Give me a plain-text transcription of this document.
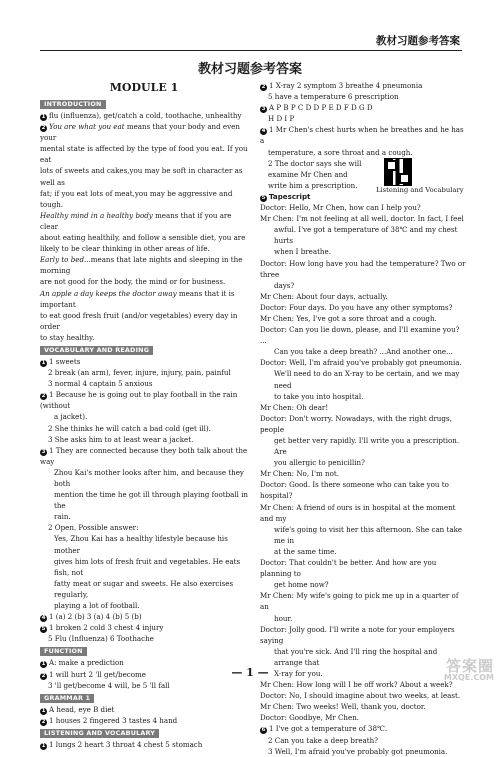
教材习题参考答案
教材习题参考答案

MODULE 1

INTRODUCTION

1 flu (influenza), get/catch a cold, toothache, unhealthy

2 You are what you eat means that your body and even your

mental state is affected by the type of food you eat. If you eat

lots of sweets and cakes,you may be soft in character as well as

fat; if you eat lots of meat,you may be aggressive and tough.

Healthy mind in a healthy body means that if you are clear

about eating healthily, and follow a sensible diet, you are

likely to be clear thinking in other areas of life.

Early to bed...means that late nights and sleeping in the morning

are not good for the body, the mind or for business.

An apple a day keeps the doctor away means that it is important

to eat good fresh fruit (and/or vegetables) every day in order

to stay healthy.

VOCABULARY AND READING

1 1 sweets

2 break (an arm), fever, injure, injury, pain, painful

3 normal 4 captain 5 anxious

2 1 Because he is going out to play football in the rain (without

a jacket).

2 She thinks he will catch a bad cold (get ill).

3 She asks him to at least wear a jacket.

3 1 They are connected because they both talk about the way

Zhou Kai's mother looks after him, and because they both

mention the time he got ill through playing football in the

rain.

2 Open. Possible answer:

Yes, Zhou Kai has a healthy lifestyle because his mother

gives him lots of fresh fruit and vegetables. He eats fish, not

fatty meat or sugar and sweets. He also exercises regularly,

playing a lot of football.

4 1 (a) 2 (b) 3 (a) 4 (b) 5 (b)

5 1 broken 2 cold 3 chest 4 injury

5 Flu (Influenza) 6 Toothache

FUNCTION

1 A: make a prediction

2 1 will hurt 2 'll get/become

3 'll get/become 4 will, be 5 'll fall

GRAMMAR 1

1 A head, eye B diet

2 1 houses 2 fingered 3 tastes 4 hand

LISTENING AND VOCABULARY

1 1 lungs 2 heart 3 throat 4 chest 5 stomach

2 1 X-ray 2 symptom 3 breathe 4 pneumonia

5 have a temperature 6 prescription

3 A P B P C D D P E D F D G D

H D I P

4 1 Mr Chen's chest hurts when he breathes and he has a

temperature, a sore throat and a cough.

2 The doctor says she will

examine Mr Chen and

write him a prescription.

5 Tapescript

Doctor: Hello, Mr Chen, how can I help you?

Mr Chen: I'm not feeling at all well, doctor. In fact, I feel

awful. I've got a temperature of 38℃ and my chest hurts

when I breathe.

Doctor: How long have you had the temperature? Two or three

days?

Mr Chen: About four days, actually.

Doctor: Four days. Do you have any other symptoms?

Mr Chen: Yes, I've got a sore throat and a cough.

Doctor: Can you lie down, please, and I'll examine you? ...

Can you take a deep breath? ...And another one...

Doctor: Well, I'm afraid you've probably got pneumonia.

We'll need to do an X-ray to be certain, and we may need

to take you into hospital.

Mr Chen: Oh dear!

Doctor: Don't worry. Nowadays, with the right drugs, people

get better very rapidly. I'll write you a prescription. Are

you allergic to penicillin?

Mr Chen: No, I'm not.

Doctor: Good. Is there someone who can take you to hospital?

Mr Chen: A friend of ours is in hospital at the moment and my

wife's going to visit her this afternoon. She can take me in

at the same time.

Doctor: That couldn't be better. And how are you planning to

get home now?

Mr Chen: My wife's going to pick me up in a quarter of an

hour.

Doctor: Jolly good. I'll write a note for your employers saying

that you're sick. And I'll ring the hospital and arrange that

X-ray for you.

Mr Chen: How long will I be off work? About a week?

Doctor: No, I should imagine about two weeks, at least.

Mr Chen: Two weeks! Well, thank you, doctor.

Doctor: Goodbye, Mr Chen.

6 1 I've got a temperature of 38℃.

2 Can you take a deep breath?

3 Well, I'm afraid you've probably got pneumonia.

Listening and Vocabulary
— 1 —	答案圈
MXQE.COM
